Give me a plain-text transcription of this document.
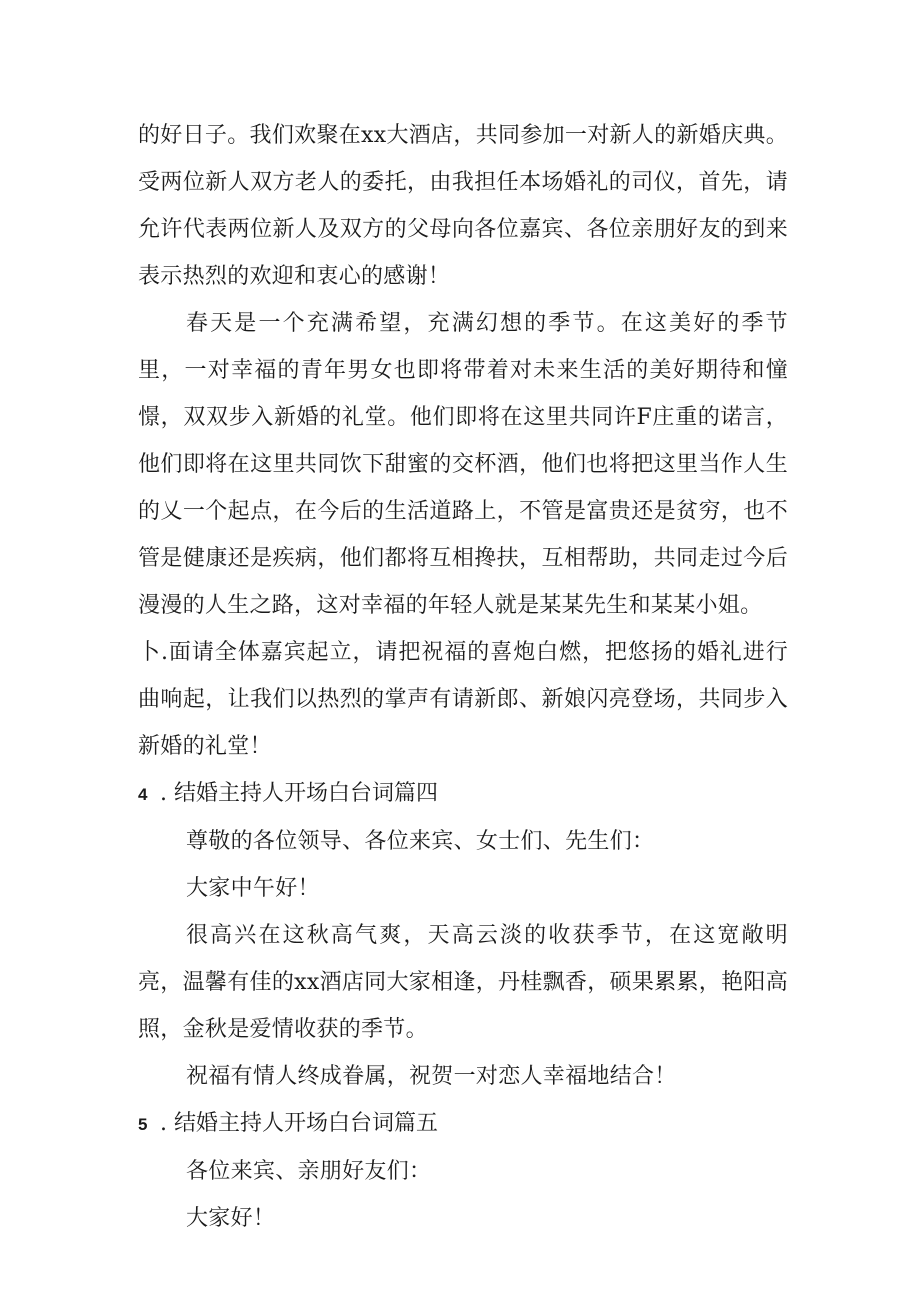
的好日子。我们欢聚在xx大酒店，共同参加一对新人的新婚庆典。受两位新人双方老人的委托，由我担任本场婚礼的司仪，首先，请允许代表两位新人及双方的父母向各位嘉宾、各位亲朋好友的到来表示热烈的欢迎和衷心的感谢！

春天是一个充满希望，充满幻想的季节。在这美好的季节里，一对幸福的青年男女也即将带着对未来生活的美好期待和憧憬，双双步入新婚的礼堂。他们即将在这里共同许F庄重的诺言，他们即将在这里共同饮下甜蜜的交杯酒，他们也将把这里当作人生的乂一个起点，在今后的生活道路上，不管是富贵还是贫穷，也不管是健康还是疾病，他们都将互相搀扶，互相帮助，共同走过今后漫漫的人生之路，这对幸福的年轻人就是某某先生和某某小姐。

卜.面请全体嘉宾起立，请把祝福的喜炮白燃，把悠扬的婚礼进行曲响起，让我们以热烈的掌声有请新郎、新娘闪亮登场，共同步入新婚的礼堂！

4 . 结婚主持人开场白台词篇四

尊敬的各位领导、各位来宾、女士们、先生们：

大家中午好！

很高兴在这秋高气爽，天高云淡的收获季节，在这宽敞明亮，温馨有佳的xx酒店同大家相逢，丹桂飘香，硕果累累，艳阳高照，金秋是爱情收获的季节。

祝福有情人终成眷属，祝贺一对恋人幸福地结合！

5 . 结婚主持人开场白台词篇五

各位来宾、亲朋好友们：

大家好！
